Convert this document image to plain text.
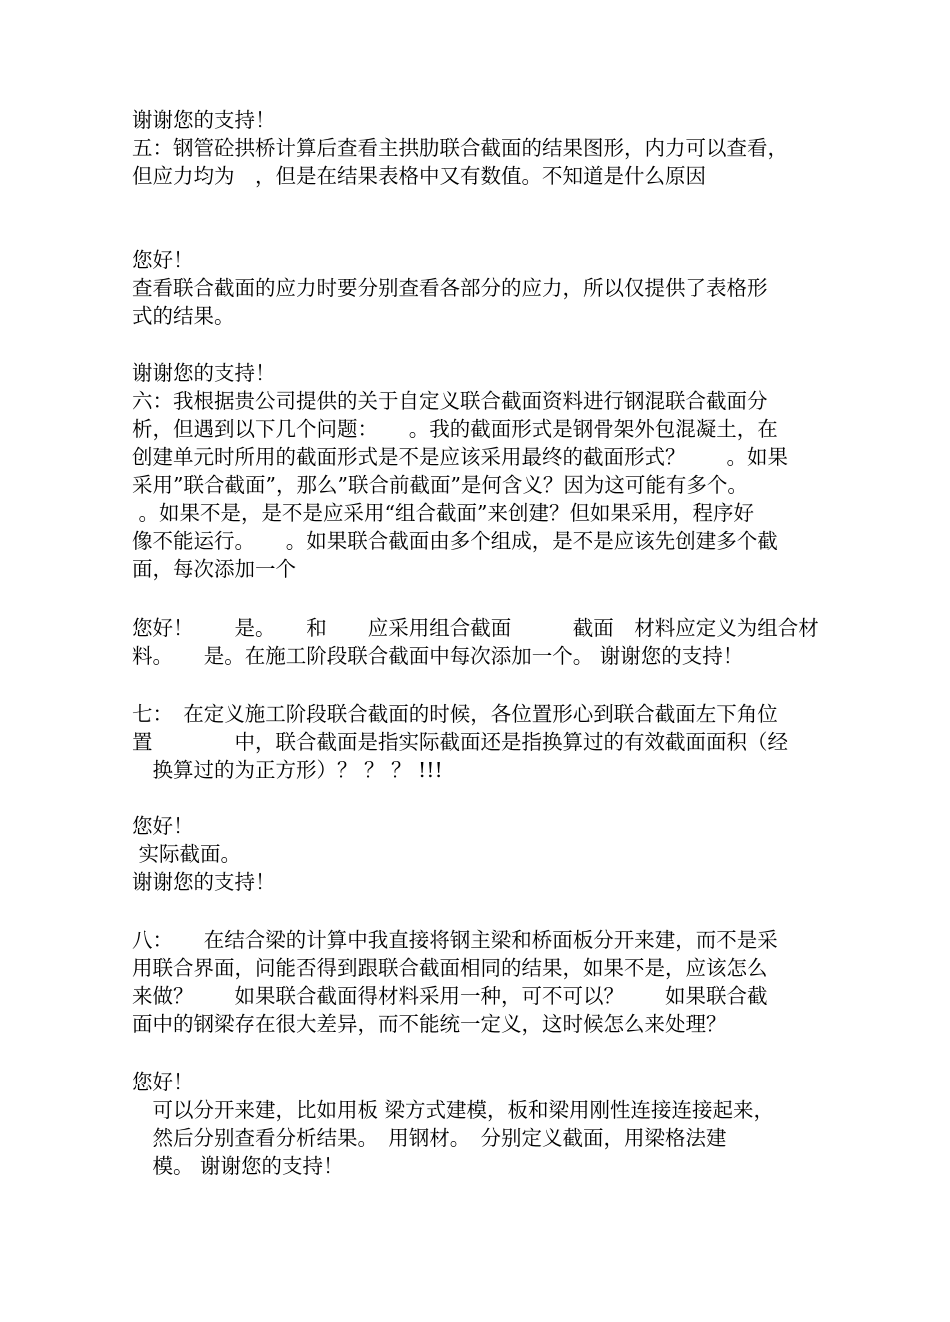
谢谢您的支持！

五：钢管砼拱桥计算后查看主拱肋联合截面的结果图形，内力可以查看，

但应力均为　，但是在结果表格中又有数值。不知道是什么原因

您好！

查看联合截面的应力时要分别查看各部分的应力，所以仅提供了表格形

式的结果。

谢谢您的支持！

六：我根据贵公司提供的关于自定义联合截面资料进行钢混联合截面分

析，但遇到以下几个问题：　　。我的截面形式是钢骨架外包混凝土，在

创建单元时所用的截面形式是不是应该采用最终的截面形式？　　。如果

采用”联合截面”，那么”联合前截面”是何含义？因为这可能有多个。

。如果不是，是不是应采用“组合截面”来创建？但如果采用，程序好

像不能运行。　　。如果联合截面由多个组成，是不是应该先创建多个截

面，每次添加一个

您好！　　是。　　和　　应采用组合截面　　　截面　材料应定义为组合材

料。　　是。在施工阶段联合截面中每次添加一个。 谢谢您的支持！

七：　在定义施工阶段联合截面的时候，各位置形心到联合截面左下角位

置　　　　中，联合截面是指实际截面还是指换算过的有效截面面积（经

　换算过的为正方形）？ ？ ？ !!!

您好！

实际截面。

谢谢您的支持！

八：　　在结合梁的计算中我直接将钢主梁和桥面板分开来建，而不是采

用联合界面，问能否得到跟联合截面相同的结果，如果不是，应该怎么

来做？　　如果联合截面得材料采用一种，可不可以？　　如果联合截

面中的钢梁存在很大差异，而不能统一定义，这时候怎么来处理？

您好！

　可以分开来建，比如用板 梁方式建模，板和梁用刚性连接连接起来，

　然后分别查看分析结果。　用钢材。　分别定义截面，用梁格法建

　模。 谢谢您的支持！
